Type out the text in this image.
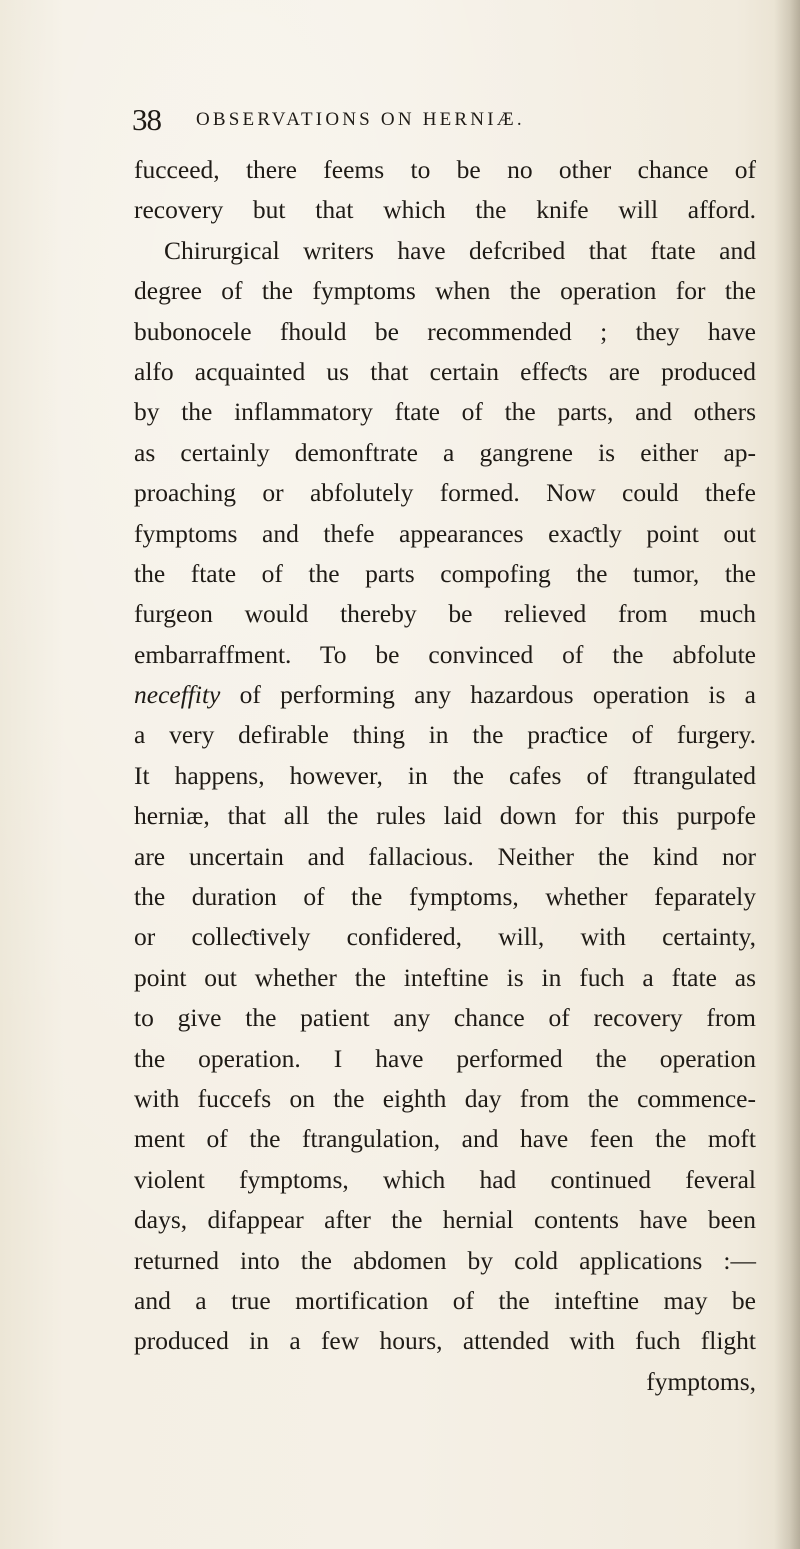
38 OBSERVATIONS ON HERNIÆ.
fucceed, there feems to be no other chance of
recovery but that which the knife will afford.
Chirurgical writers have defcribed that ftate and
degree of the fymptoms when the operation for the
bubonocele fhould be recommended ; they have
alfo acquainted us that certain effeƈts are produced
by the inflammatory ftate of the parts, and others
as certainly demonftrate a gangrene is either ap-
proaching or abfolutely formed. Now could thefe
fymptoms and thefe appearances exaƈtly point out
the ftate of the parts compofing the tumor, the
furgeon would thereby be relieved from much
embarraffment. To be convinced of the abfolute
neceffity of performing any hazardous operation is a
a very defirable thing in the praƈtice of furgery.
It happens, however, in the cafes of ftrangulated
herniæ, that all the rules laid down for this purpofe
are uncertain and fallacious. Neither the kind nor
the duration of the fymptoms, whether feparately
or colleƈtively confidered, will, with certainty,
point out whether the inteftine is in fuch a ftate as
to give the patient any chance of recovery from
the operation. I have performed the operation
with fuccefs on the eighth day from the commence-
ment of the ftrangulation, and have feen the moft
violent fymptoms, which had continued feveral
days, difappear after the hernial contents have been
returned into the abdomen by cold applications :—
and a true mortification of the inteftine may be
produced in a few hours, attended with fuch flight
fymptoms,
